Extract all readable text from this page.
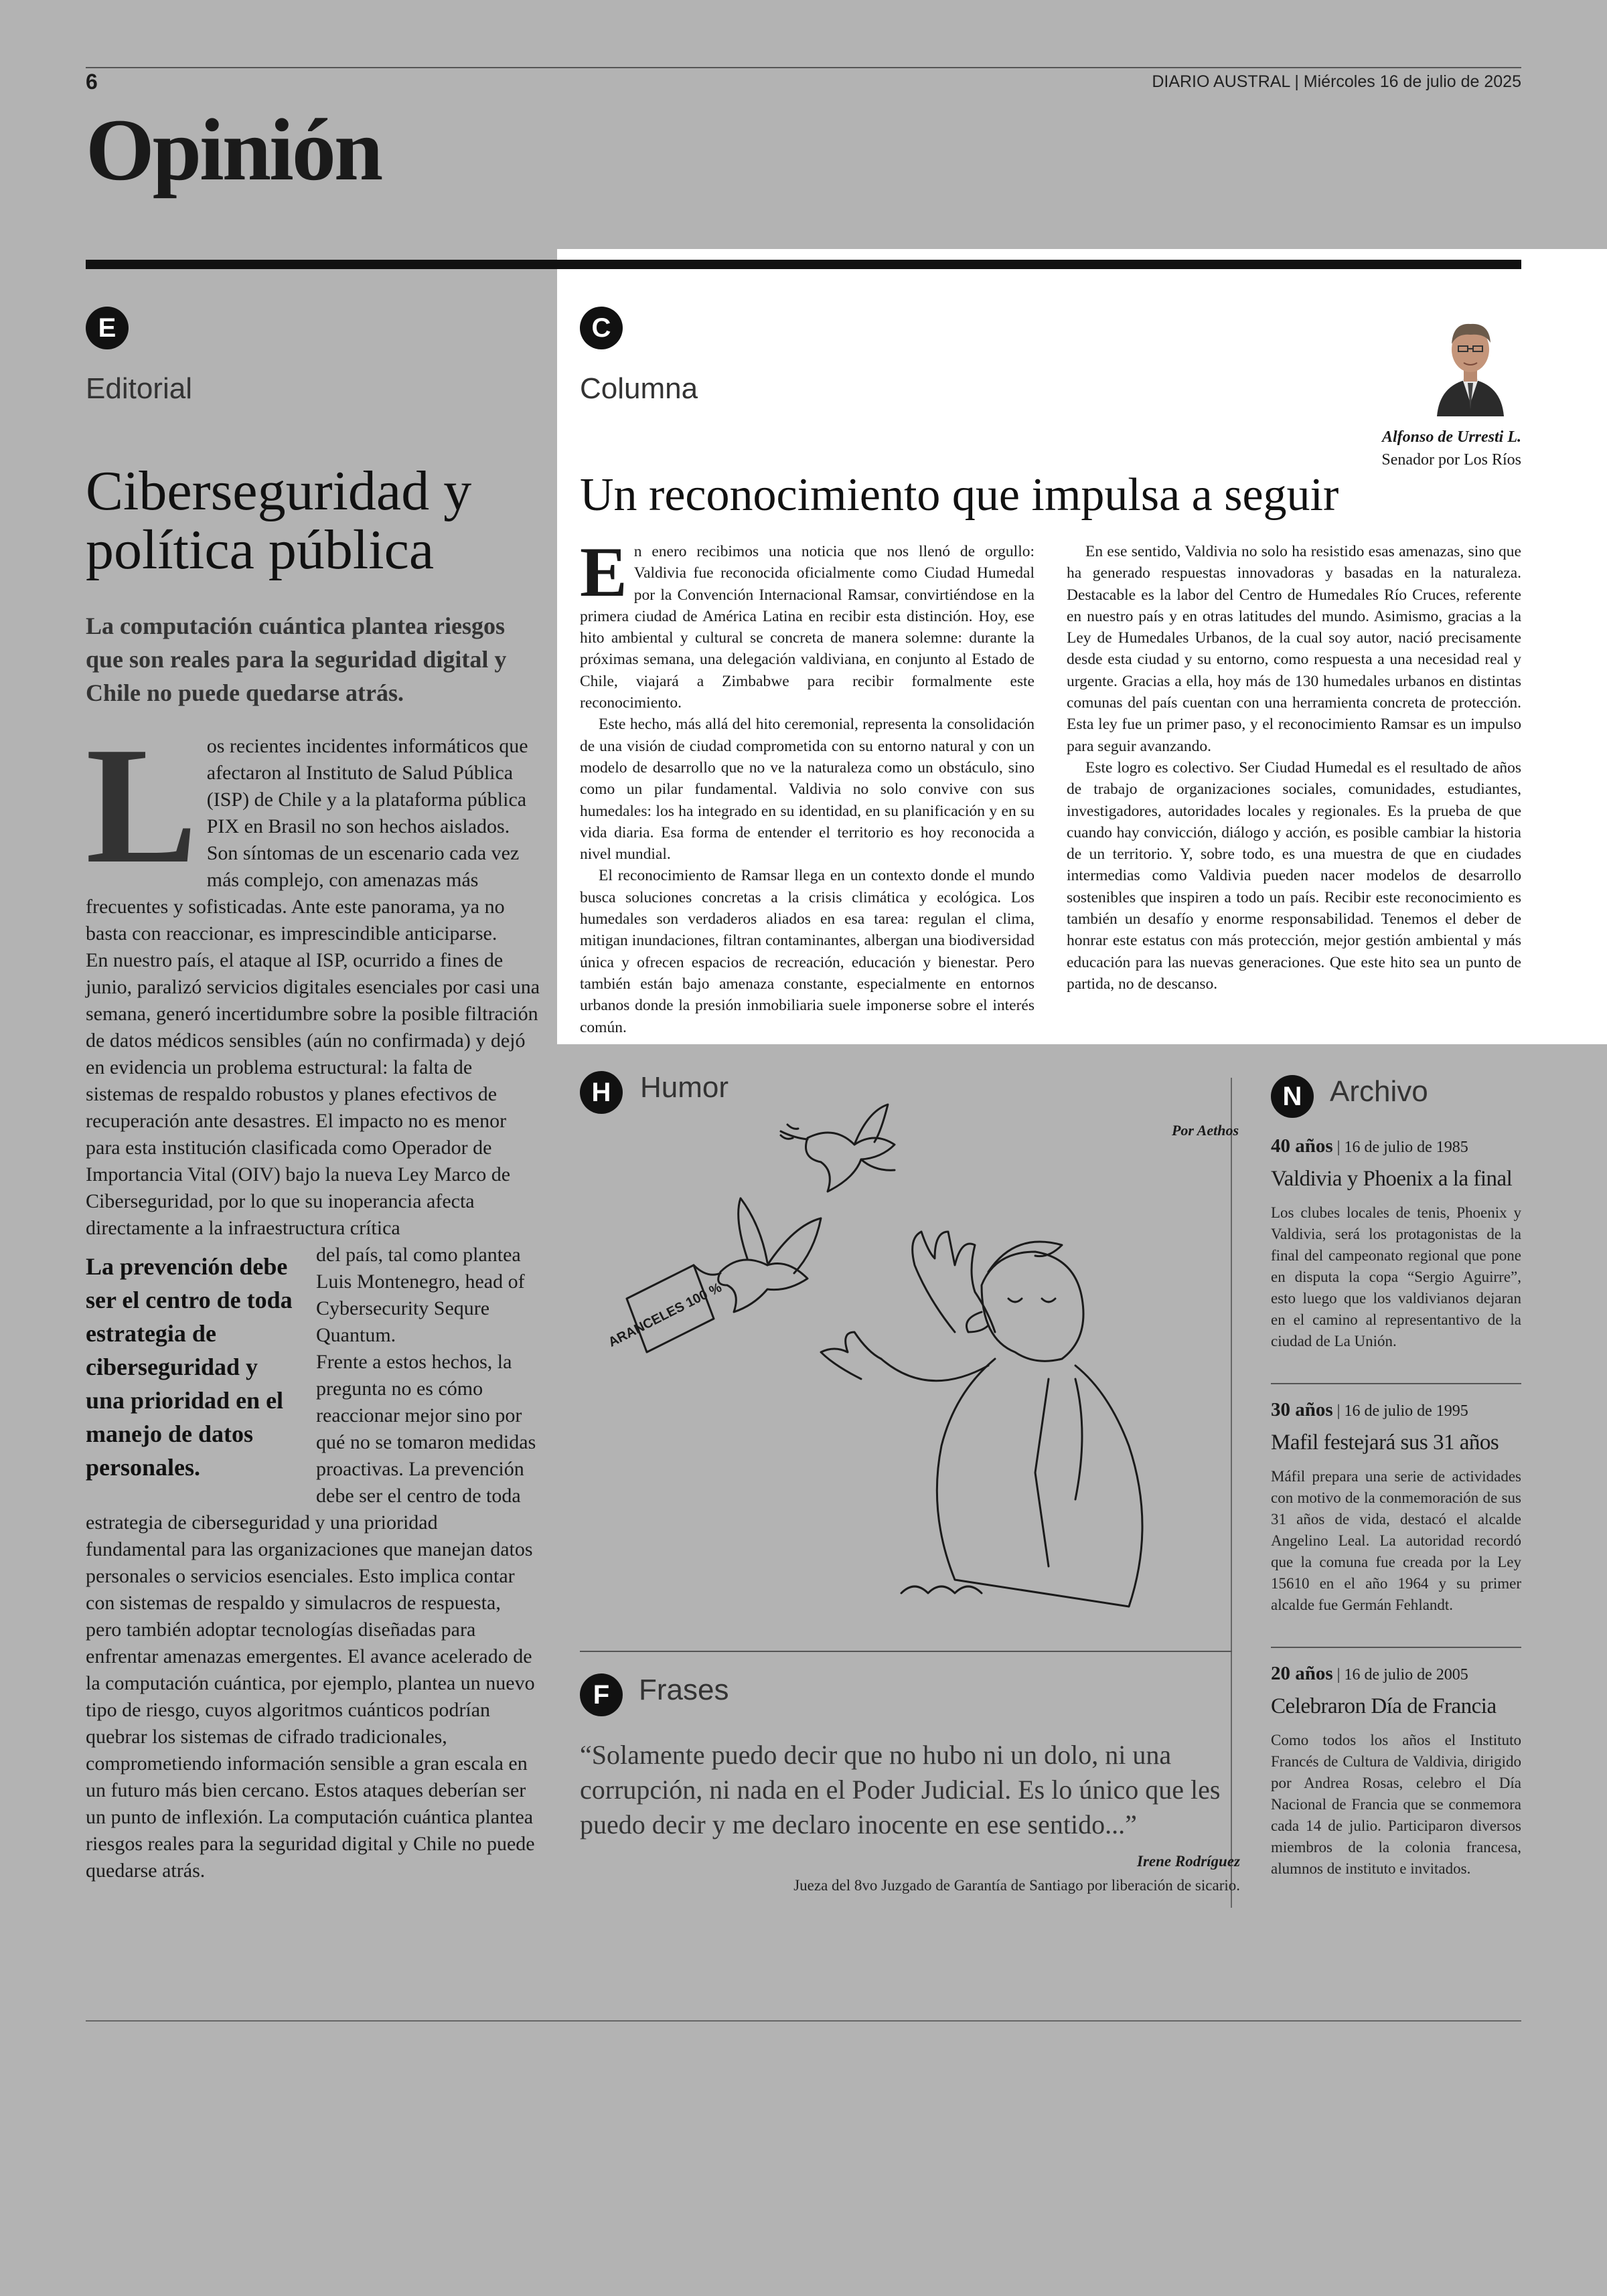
6	DIARIO AUSTRAL | Miércoles 16 de julio de 2025
Opinión
E
Editorial
Ciberseguridad y política pública
La computación cuántica plantea riesgos que son reales para la seguridad digital y Chile no puede quedarse atrás.
L os recientes incidentes informáticos que afectaron al Instituto de Salud Pública (ISP) de Chile y a la plataforma pública PIX en Brasil no son hechos aislados. Son síntomas de un escenario cada vez más complejo, con amenazas más frecuentes y sofisticadas. Ante este panorama, ya no basta con reaccionar, es imprescindible anticiparse.

En nuestro país, el ataque al ISP, ocurrido a fines de junio, paralizó servicios digitales esenciales por casi una semana, generó incertidumbre sobre la posible filtración de datos médicos sensibles (aún no confirmada) y dejó en evidencia un problema estructural: la falta de sistemas de respaldo robustos y planes efectivos de recuperación ante desastres. El impacto no es menor para esta institución clasificada como Operador de Importancia Vital (OIV) bajo la nueva Ley Marco de Ciberseguridad, por lo que su inoperancia afecta directamente a la infraestructura crítica

La prevención debe ser el centro de toda estrategia de ciberseguridad y una prioridad en el manejo de datos personales.

del país, tal como plantea Luis Montenegro, head of Cybersecurity Sequre Quantum.

Frente a estos hechos, la pregunta no es cómo reaccionar mejor sino por qué no se tomaron medidas proactivas. La prevención debe ser el centro de toda estrategia de ciberseguridad y una prioridad fundamental para las organizaciones que manejan datos personales o servicios esenciales. Esto implica contar con sistemas de respaldo y simulacros de respuesta, pero también adoptar tecnologías diseñadas para enfrentar amenazas emergentes. El avance acelerado de la computación cuántica, por ejemplo, plantea un nuevo tipo de riesgo, cuyos algoritmos cuánticos podrían quebrar los sistemas de cifrado tradicionales, comprometiendo información sensible a gran escala en un futuro más bien cercano. Estos ataques deberían ser un punto de inflexión. La computación cuántica plantea riesgos reales para la seguridad digital y Chile no puede quedarse atrás.

C
Columna
Alfonso de Urresti L.
Senador por Los Ríos
Un reconocimiento que impulsa a seguir

En enero recibimos una noticia que nos llenó de orgullo: Valdivia fue reconocida oficialmente como Ciudad Humedal por la Convención Internacional Ramsar, convirtiéndose en la primera ciudad de América Latina en recibir esta distinción. Hoy, ese hito ambiental y cultural se concreta de manera solemne: durante la próximas semana, una delegación valdiviana, en conjunto al Estado de Chile, viajará a Zimbabwe para recibir formalmente este reconocimiento.

Este hecho, más allá del hito ceremonial, representa la consolidación de una visión de ciudad comprometida con su entorno natural y con un modelo de desarrollo que no ve la naturaleza como un obstáculo, sino como un pilar fundamental. Valdivia no solo convive con sus humedales: los ha integrado en su identidad, en su planificación y en su vida diaria. Esa forma de entender el territorio es hoy reconocida a nivel mundial.

El reconocimiento de Ramsar llega en un contexto donde el mundo busca soluciones concretas a la crisis climática y ecológica. Los humedales son verdaderos aliados en esa tarea: regulan el clima, mitigan inundaciones, filtran contaminantes, albergan una biodiversidad única y ofrecen espacios de recreación, educación y bienestar. Pero también están bajo amenaza constante, especialmente en entornos urbanos donde la presión inmobiliaria suele imponerse sobre el interés común.

En ese sentido, Valdivia no solo ha resistido esas amenazas, sino que ha generado respuestas innovadoras y basadas en la naturaleza. Destacable es la labor del Centro de Humedales Río Cruces, referente en nuestro país y en otras latitudes del mundo. Asimismo, gracias a la Ley de Humedales Urbanos, de la cual soy autor, nació precisamente desde esta ciudad y su entorno, como respuesta a una necesidad real y urgente. Gracias a ella, hoy más de 130 humedales urbanos en distintas comunas del país cuentan con una herramienta concreta de protección. Esta ley fue un primer paso, y el reconocimiento Ramsar es un impulso para seguir avanzando.

Este logro es colectivo. Ser Ciudad Humedal es el resultado de años de trabajo de organizaciones sociales, comunidades, estudiantes, investigadores, autoridades locales y regionales. Es la prueba de que cuando hay convicción, diálogo y acción, es posible cambiar la historia de un territorio. Y, sobre todo, es una muestra de que en ciudades intermedias como Valdivia pueden nacer modelos de desarrollo sostenibles que inspiren a todo un país. Recibir este reconocimiento es también un desafío y enorme responsabilidad. Tenemos el deber de honrar este estatus con más protección, mejor gestión ambiental y más educación para las nuevas generaciones. Que este hito sea un punto de partida, no de descanso.

H Humor
Por Aethos
ARANCELES 100 %
F Frases
“Solamente puedo decir que no hubo ni un dolo, ni una corrupción, ni nada en el Poder Judicial. Es lo único que les puedo decir y me declaro inocente en ese sentido...”
Irene Rodríguez
Jueza del 8vo Juzgado de Garantía de Santiago por liberación de sicario.
N Archivo
40 años | 16 de julio de 1985
Valdivia y Phoenix a la final
Los clubes locales de tenis, Phoenix y Valdivia, será los protagonistas de la final del campeonato regional que pone en disputa la copa “Sergio Aguirre”, esto luego que los valdivianos dejaran en el camino al representantivo de la ciudad de La Unión.
30 años | 16 de julio de 1995
Mafil festejará sus 31 años
Máfil prepara una serie de actividades con motivo de la conmemoración de sus 31 años de vida, destacó el alcalde Angelino Leal. La autoridad recordó que la comuna fue creada por la Ley 15610 en el año 1964 y su primer alcalde fue Germán Fehlandt.
20 años | 16 de julio de 2005
Celebraron Día de Francia
Como todos los años el Instituto Francés de Cultura de Valdivia, dirigido por Andrea Rosas, celebro el Día Nacional de Francia que se conmemora cada 14 de julio. Participaron diversos miembros de la colonia francesa, alumnos de instituto e invitados.
